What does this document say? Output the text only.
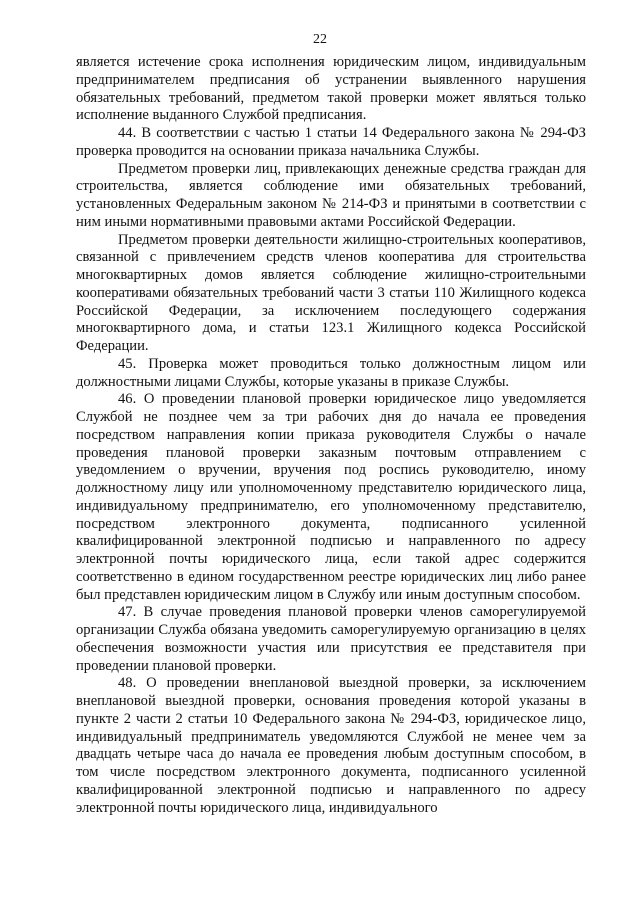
22

является истечение срока исполнения юридическим лицом, индивидуальным предпринимателем предписания об устранении выявленного нарушения обязательных требований, предметом такой проверки может являться только исполнение выданного Службой предписания.

44. В соответствии с частью 1 статьи 14 Федерального закона № 294-ФЗ проверка проводится на основании приказа начальника Службы.

Предметом проверки лиц, привлекающих денежные средства граждан для строительства, является соблюдение ими обязательных требований, установленных Федеральным законом № 214-ФЗ и принятыми в соответствии с ним иными нормативными правовыми актами Российской Федерации.

Предметом проверки деятельности жилищно-строительных кооперативов, связанной с привлечением средств членов кооператива для строительства многоквартирных домов является соблюдение жилищно-строительными кооперативами обязательных требований части 3 статьи 110 Жилищного кодекса Российской Федерации, за исключением последующего содержания многоквартирного дома, и статьи 123.1 Жилищного кодекса Российской Федерации.

45. Проверка может проводиться только должностным лицом или должностными лицами Службы, которые указаны в приказе Службы.

46. О проведении плановой проверки юридическое лицо уведомляется Службой не позднее чем за три рабочих дня до начала ее проведения посредством направления копии приказа руководителя Службы о начале проведения плановой проверки заказным почтовым отправлением с уведомлением о вручении, вручения под роспись руководителю, иному должностному лицу или уполномоченному представителю юридического лица, индивидуальному предпринимателю, его уполномоченному представителю, посредством электронного документа, подписанного усиленной квалифицированной электронной подписью и направленного по адресу электронной почты юридического лица, если такой адрес содержится соответственно в едином государственном реестре юридических лиц либо ранее был представлен юридическим лицом в Службу или иным доступным способом.

47. В случае проведения плановой проверки членов саморегулируемой организации Служба обязана уведомить саморегулируемую организацию в целях обеспечения возможности участия или присутствия ее представителя при проведении плановой проверки.

48. О проведении внеплановой выездной проверки, за исключением внеплановой выездной проверки, основания проведения которой указаны в пункте 2 части 2 статьи 10 Федерального закона № 294-ФЗ, юридическое лицо, индивидуальный предприниматель уведомляются Службой не менее чем за двадцать четыре часа до начала ее проведения любым доступным способом, в том числе посредством электронного документа, подписанного усиленной квалифицированной электронной подписью и направленного по адресу электронной почты юридического лица, индивидуального
